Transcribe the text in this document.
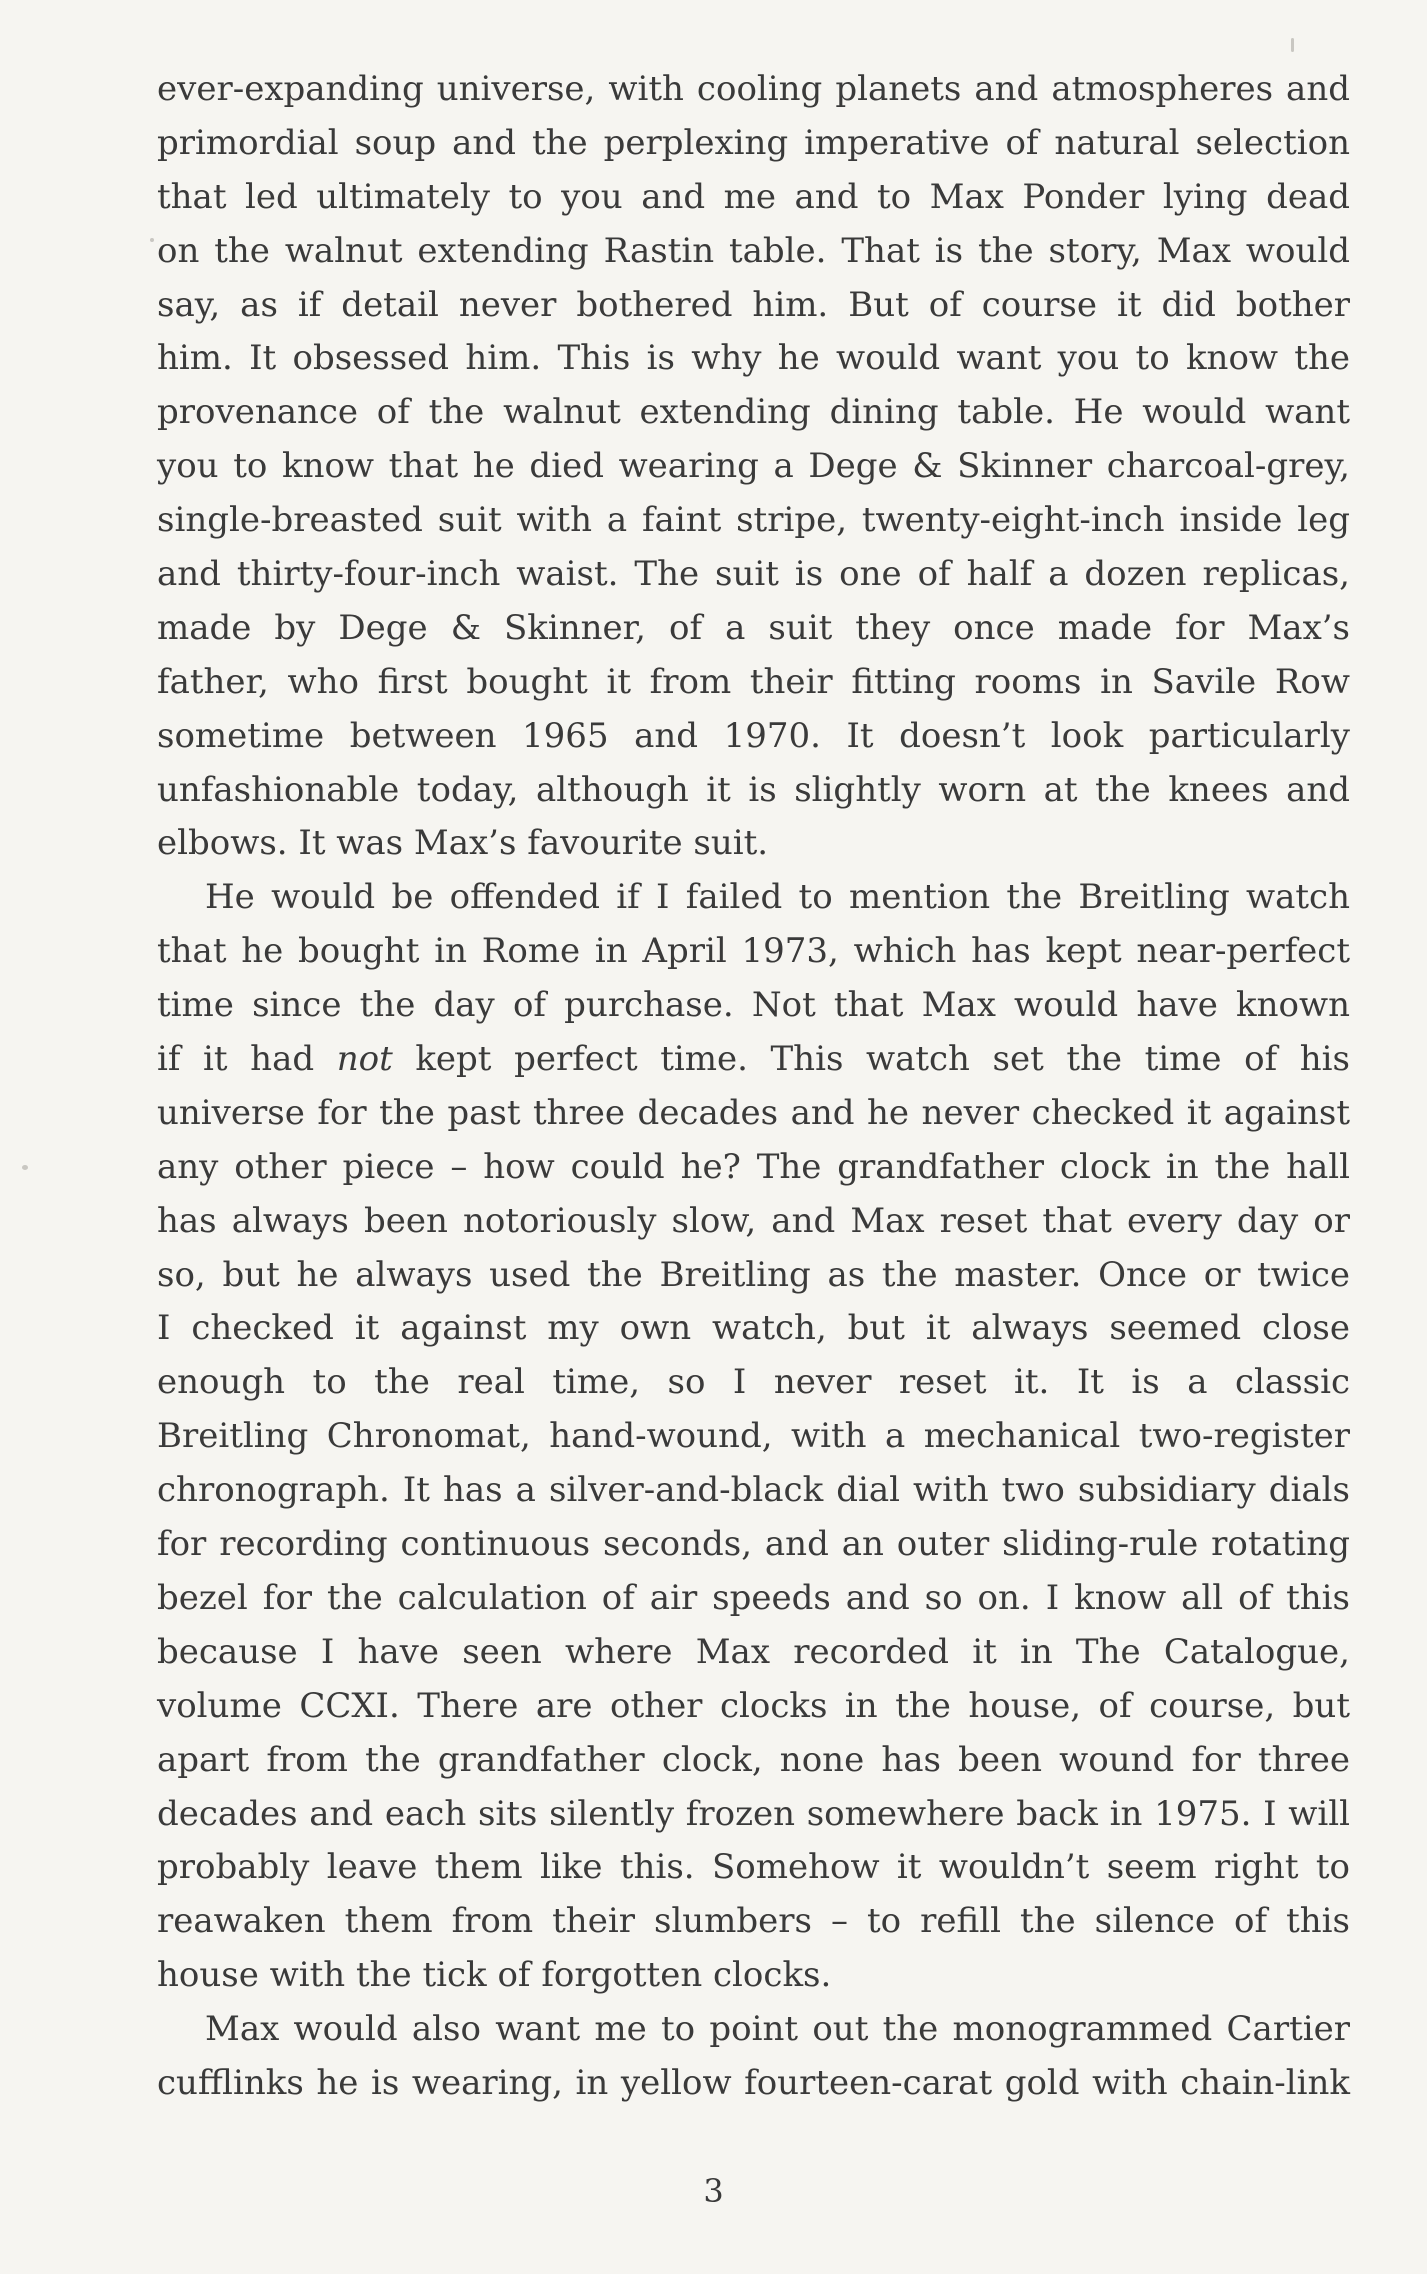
ever-expanding universe, with cooling planets and atmospheres and
primordial soup and the perplexing imperative of natural selection
that led ultimately to you and me and to Max Ponder lying dead
on the walnut extending Rastin table. That is the story, Max would
say, as if detail never bothered him. But of course it did bother
him. It obsessed him. This is why he would want you to know the
provenance of the walnut extending dining table. He would want
you to know that he died wearing a Dege & Skinner charcoal-grey,
single-breasted suit with a faint stripe, twenty-eight-inch inside leg
and thirty-four-inch waist. The suit is one of half a dozen replicas,
made by Dege & Skinner, of a suit they once made for Max’s
father, who first bought it from their fitting rooms in Savile Row
sometime between 1965 and 1970. It doesn’t look particularly
unfashionable today, although it is slightly worn at the knees and
elbows. It was Max’s favourite suit.
He would be offended if I failed to mention the Breitling watch
that he bought in Rome in April 1973, which has kept near-perfect
time since the day of purchase. Not that Max would have known
if it had not kept perfect time. This watch set the time of his
universe for the past three decades and he never checked it against
any other piece – how could he? The grandfather clock in the hall
has always been notoriously slow, and Max reset that every day or
so, but he always used the Breitling as the master. Once or twice
I checked it against my own watch, but it always seemed close
enough to the real time, so I never reset it. It is a classic
Breitling Chronomat, hand-wound, with a mechanical two-register
chronograph. It has a silver-and-black dial with two subsidiary dials
for recording continuous seconds, and an outer sliding-rule rotating
bezel for the calculation of air speeds and so on. I know all of this
because I have seen where Max recorded it in The Catalogue,
volume CCXI. There are other clocks in the house, of course, but
apart from the grandfather clock, none has been wound for three
decades and each sits silently frozen somewhere back in 1975. I will
probably leave them like this. Somehow it wouldn’t seem right to
reawaken them from their slumbers – to refill the silence of this
house with the tick of forgotten clocks.
Max would also want me to point out the monogrammed Cartier
cufflinks he is wearing, in yellow fourteen-carat gold with chain-link
3
